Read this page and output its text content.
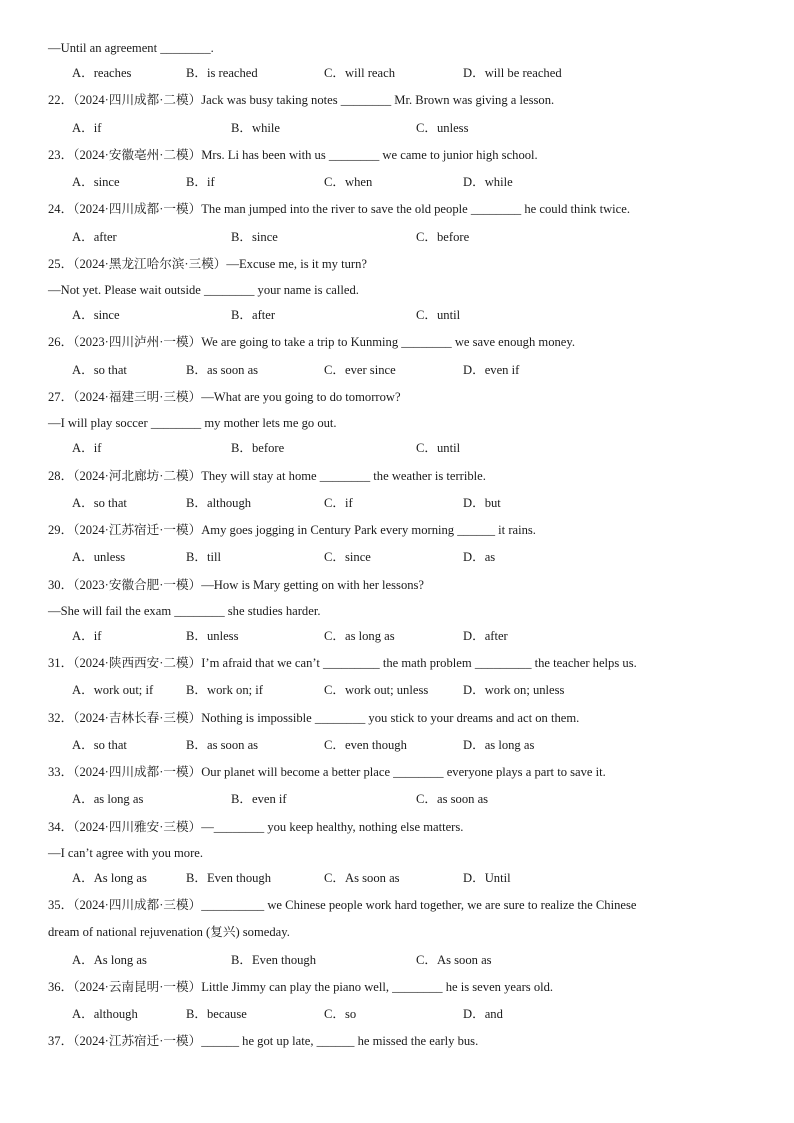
—Until an agreement ________.
A．reaches	B．is reached	C．will reach	D．will be reached
22．（2024·四川成都·二模）Jack was busy taking notes ________ Mr. Brown was giving a lesson.
A．if	B．while	C．unless
23．（2024·安徽亳州·二模）Mrs. Li has been with us ________ we came to junior high school.
A．since	B．if	C．when	D．while
24．（2024·四川成都·一模）The man jumped into the river to save the old people ________ he could think twice.
A．after	B．since	C．before
25．（2024·黑龙江哈尔滨·三模）—Excuse me, is it my turn?
—Not yet. Please wait outside ________ your name is called.
A．since	B．after	C．until
26．（2023·四川泸州·一模）We are going to take a trip to Kunming ________ we save enough money.
A．so that	B．as soon as	C．ever since	D．even if
27．（2024·福建三明·三模）—What are you going to do tomorrow?
—I will play soccer ________ my mother lets me go out.
A．if	B．before	C．until
28．（2024·河北廊坊·二模）They will stay at home ________ the weather is terrible.
A．so that	B．although	C．if	D．but
29．（2024·江苏宿迁·一模）Amy goes jogging in Century Park every morning ______ it rains.
A．unless	B．till	C．since	D．as
30．（2023·安徽合肥·一模）—How is Mary getting on with her lessons?
—She will fail the exam ________ she studies harder.
A．if	B．unless	C．as long as	D．after
31．（2024·陕西西安·二模）I’m afraid that we can’t _________ the math problem _________ the teacher helps us.
A．work out; if	B．work on; if	C．work out; unless	D．work on; unless
32．（2024·吉林长春·三模）Nothing is impossible ________ you stick to your dreams and act on them.
A．so that	B．as soon as	C．even though	D．as long as
33．（2024·四川成都·一模）Our planet will become a better place ________ everyone plays a part to save it.
A．as long as	B．even if	C．as soon as
34．（2024·四川雅安·三模）—________ you keep healthy, nothing else matters.
—I can’t agree with you more.
A．As long as	B．Even though	C．As soon as	D．Until
35．（2024·四川成都·三模）__________ we Chinese people work hard together, we are sure to realize the Chinese
dream of national rejuvenation (复兴) someday.
A．As long as	B．Even though	C．As soon as
36．（2024·云南昆明·一模）Little Jimmy can play the piano well, ________ he is seven years old.
A．although	B．because	C．so	D．and
37．（2024·江苏宿迁·一模）______ he got up late, ______ he missed the early bus.
